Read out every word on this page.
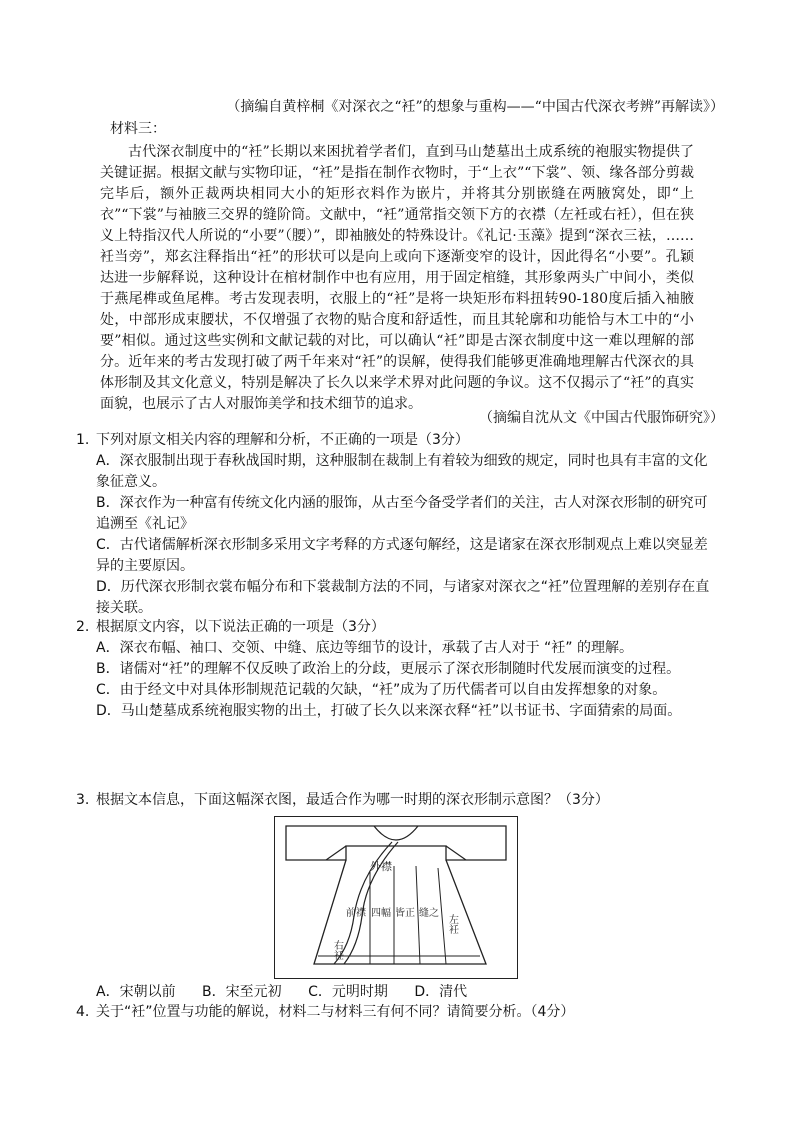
（摘编自黄梓桐《对深衣之“衽”的想象与重构——“中国古代深衣考辨”再解读》）
材料三：
古代深衣制度中的“衽”长期以来困扰着学者们，直到马山楚墓出土成系统的袍服实物提供了关键证据。根据文献与实物印证，“衽”是指在制作衣物时，于“上衣”“下裳”、领、缘各部分剪裁完毕后，额外正裁两块相同大小的矩形衣料作为嵌片，并将其分别嵌缝在两腋窝处，即“上衣”“下裳”与袖腋三交界的缝阶筒。文献中，“衽”通常指交领下方的衣襟（左衽或右衽），但在狭义上特指汉代人所说的“小要”（腰）”，即袖腋处的特殊设计。《礼记·玉藻》提到“深衣三袪，……衽当旁”，郑玄注释指出“衽”的形状可以是向上或向下逐渐变窄的设计，因此得名“小要”。孔颖达进一步解释说，这种设计在棺材制作中也有应用，用于固定棺缝，其形象两头广中间小，类似于燕尾榫或鱼尾榫。考古发现表明，衣服上的“衽”是将一块矩形布料扭转90-180度后插入袖腋处，中部形成束腰状，不仅增强了衣物的贴合度和舒适性，而且其轮廓和功能恰与木工中的“小要”相似。通过这些实例和文献记载的对比，可以确认“衽”即是古深衣制度中这一难以理解的部分。近年来的考古发现打破了两千年来对“衽”的误解，使得我们能够更准确地理解古代深衣的具体形制及其文化意义，特别是解决了长久以来学术界对此问题的争议。这不仅揭示了“衽”的真实面貌，也展示了古人对服饰美学和技术细节的追求。
（摘编自沈从文《中国古代服饰研究》）
1. 下列对原文相关内容的理解和分析，不正确的一项是（3分）
A．深衣服制出现于春秋战国时期，这种服制在裁制上有着较为细致的规定，同时也具有丰富的文化象征意义。
B．深衣作为一种富有传统文化内涵的服饰，从古至今备受学者们的关注，古人对深衣形制的研究可追溯至《礼记》
C．古代诸儒解析深衣形制多采用文字考释的方式逐句解经，这是诸家在深衣形制观点上难以突显差异的主要原因。
D．历代深衣形制衣裳布幅分布和下裳裁制方法的不同，与诸家对深衣之“衽”位置理解的差别存在直接关联。
2. 根据原文内容，以下说法正确的一项是（3分）
A．深衣布幅、袖口、交领、中缝、底边等细节的设计，承载了古人对于 “衽” 的理解。
B．诸儒对“衽”的理解不仅反映了政治上的分歧，更展示了深衣形制随时代发展而演变的过程。
C．由于经文中对具体形制规范记载的欠缺，“衽”成为了历代儒者可以自由发挥想象的对象。
D．马山楚墓成系统袍服实物的出土，打破了长久以来深衣释“衽”以书证书、字面猜索的局面。
3. 根据文本信息，下面这幅深衣图，最适合作为哪一时期的深衣形制示意图？（3分）
外襟
前襟 四幅 皆正 缝之
左衽
右衽
A．宋朝以前 B．宋至元初 C．元明时期 D．清代
4. 关于“衽”位置与功能的解说，材料二与材料三有何不同？请简要分析。（4分）
